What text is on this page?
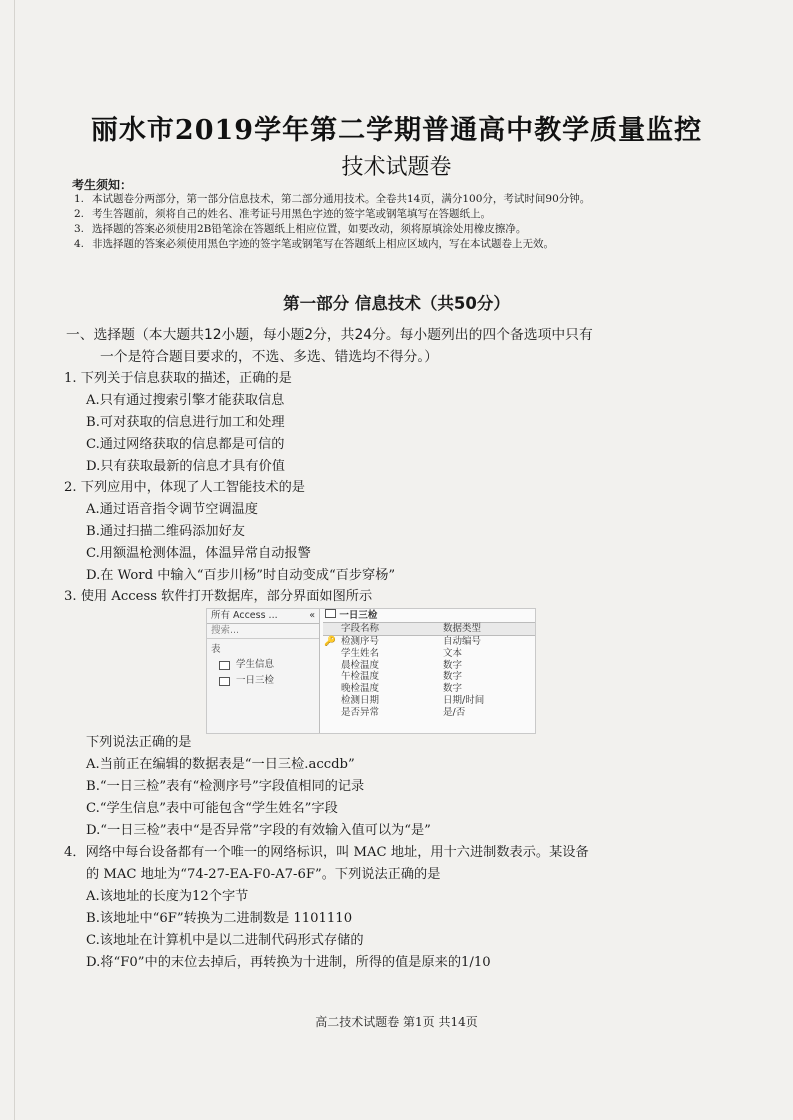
丽水市2019学年第二学期普通高中教学质量监控
技术试题卷
考生须知：
1. 本试题卷分两部分，第一部分信息技术，第二部分通用技术。全卷共14页，满分100分，考试时间90分钟。
2. 考生答题前，须将自己的姓名、准考证号用黑色字迹的签字笔或钢笔填写在答题纸上。
3. 选择题的答案必须使用2B铅笔涂在答题纸上相应位置，如要改动，须将原填涂处用橡皮擦净。
4. 非选择题的答案必须使用黑色字迹的签字笔或钢笔写在答题纸上相应区域内，写在本试题卷上无效。
第一部分 信息技术（共50分）
一、选择题（本大题共12小题，每小题2分，共24分。每小题列出的四个备选项中只有
一个是符合题目要求的，不选、多选、错选均不得分。）
1. 下列关于信息获取的描述，正确的是
A.只有通过搜索引擎才能获取信息
B.可对获取的信息进行加工和处理
C.通过网络获取的信息都是可信的
D.只有获取最新的信息才具有价值
2. 下列应用中，体现了人工智能技术的是
A.通过语音指令调节空调温度
B.通过扫描二维码添加好友
C.用额温枪测体温，体温异常自动报警
D.在 Word 中输入“百步川杨”时自动变成“百步穿杨”
3. 使用 Access 软件打开数据库，部分界面如图所示
所有 Access ...	«
搜索...
表
学生信息
一日三检
一日三检
字段名称	数据类型
🔑 检测序号	自动编号
学生姓名	文本
晨检温度	数字
午检温度	数字
晚检温度	数字
检测日期	日期/时间
是否异常	是/否
下列说法正确的是
A.当前正在编辑的数据表是“一日三检.accdb”
B.“一日三检”表有“检测序号”字段值相同的记录
C.“学生信息”表中可能包含“学生姓名”字段
D.“一日三检”表中“是否异常”字段的有效输入值可以为“是”
4．网络中每台设备都有一个唯一的网络标识，叫 MAC 地址，用十六进制数表示。某设备
的 MAC 地址为“74-27-EA-F0-A7-6F”。下列说法正确的是
A.该地址的长度为12个字节
B.该地址中“6F”转换为二进制数是 1101110
C.该地址在计算机中是以二进制代码形式存储的
D.将“F0”中的末位去掉后，再转换为十进制，所得的值是原来的1/10
高二技术试题卷 第1页 共14页
